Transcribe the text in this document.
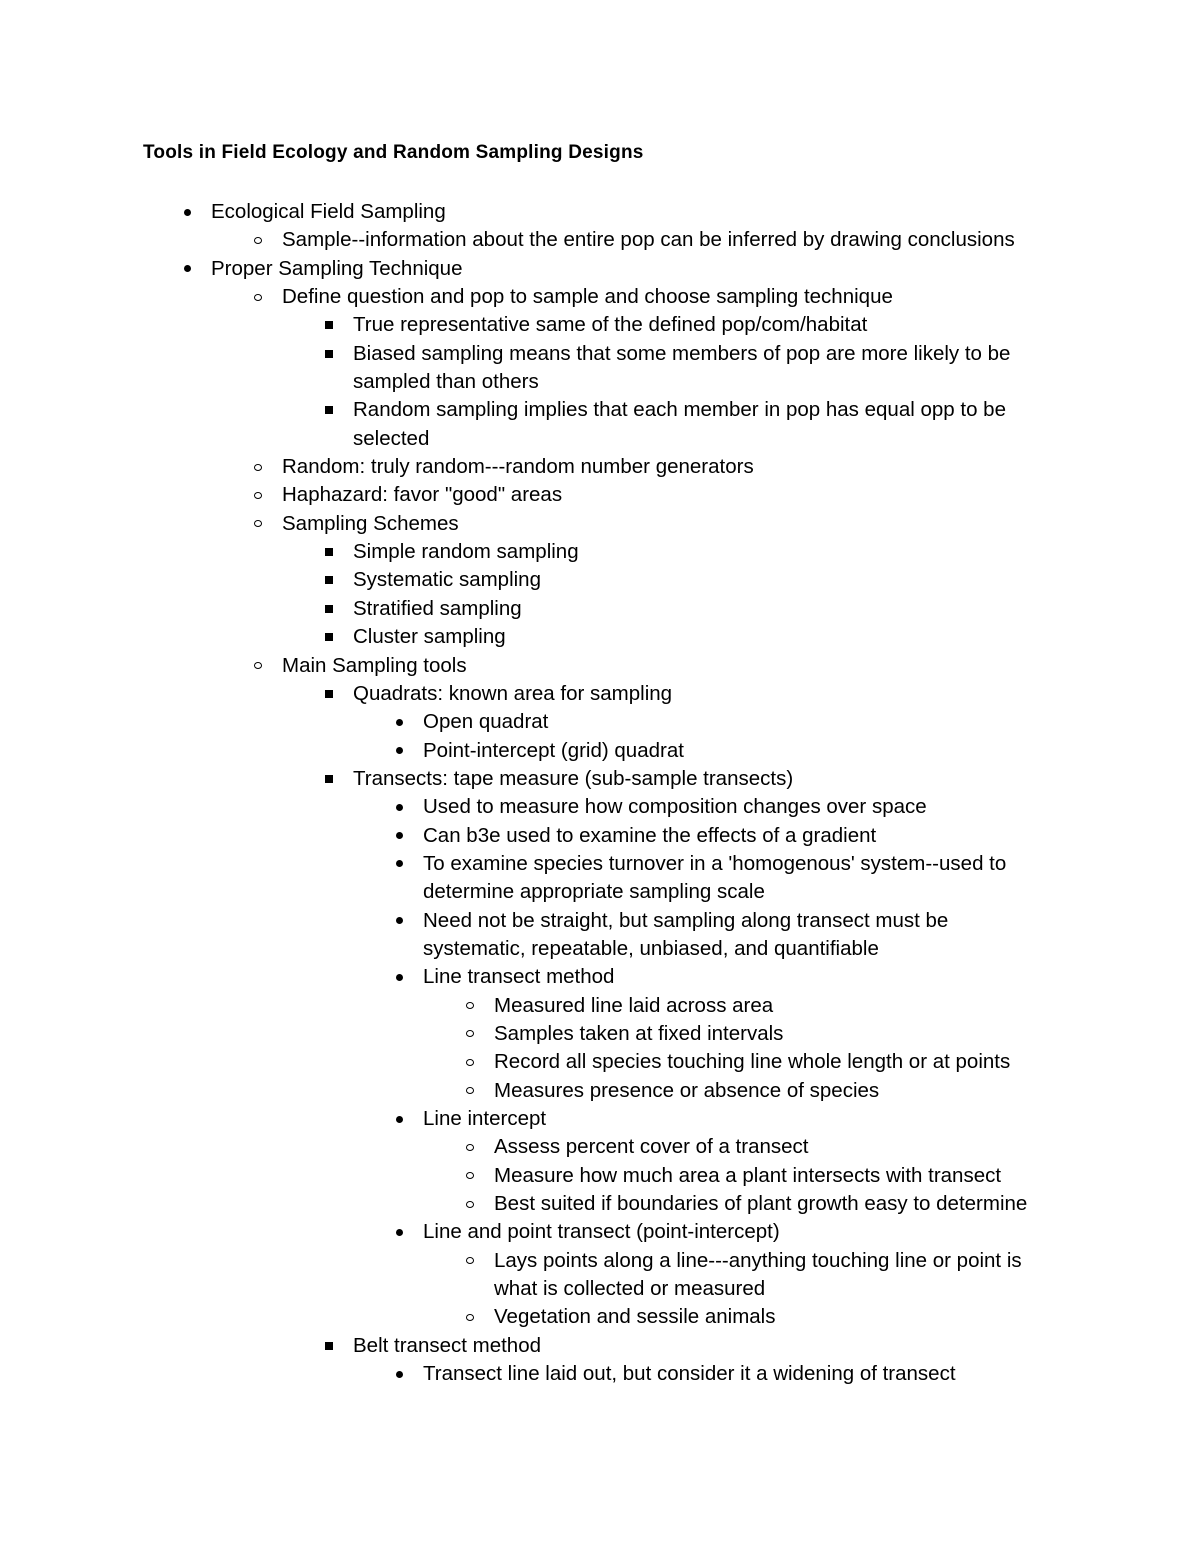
Tools in Field Ecology and Random Sampling Designs
Ecological Field Sampling
Sample--information about the entire pop can be inferred by drawing conclusions
Proper Sampling Technique
Define question and pop to sample and choose sampling technique
True representative same of the defined pop/com/habitat
Biased sampling means that some members of pop are more likely to be sampled than others
Random sampling implies that each member in pop has equal opp to be selected
Random: truly random---random number generators
Haphazard: favor "good" areas
Sampling Schemes
Simple random sampling
Systematic sampling
Stratified sampling
Cluster sampling
Main Sampling tools
Quadrats: known area for sampling
Open quadrat
Point-intercept (grid) quadrat
Transects: tape measure (sub-sample transects)
Used to measure how composition changes over space
Can b3e used to examine the effects of a gradient
To examine species turnover in a 'homogenous' system--used to determine appropriate sampling scale
Need not be straight, but sampling along transect must be systematic, repeatable, unbiased, and quantifiable
Line transect method
Measured line laid across area
Samples taken at fixed intervals
Record all species touching line whole length or at points
Measures presence or absence of species
Line intercept
Assess percent cover of a transect
Measure how much area a plant intersects with transect
Best suited if boundaries of plant growth easy to determine
Line and point transect (point-intercept)
Lays points along a line---anything touching line or point is what is collected or measured
Vegetation and sessile animals
Belt transect method
Transect line laid out, but consider it a widening of transect
